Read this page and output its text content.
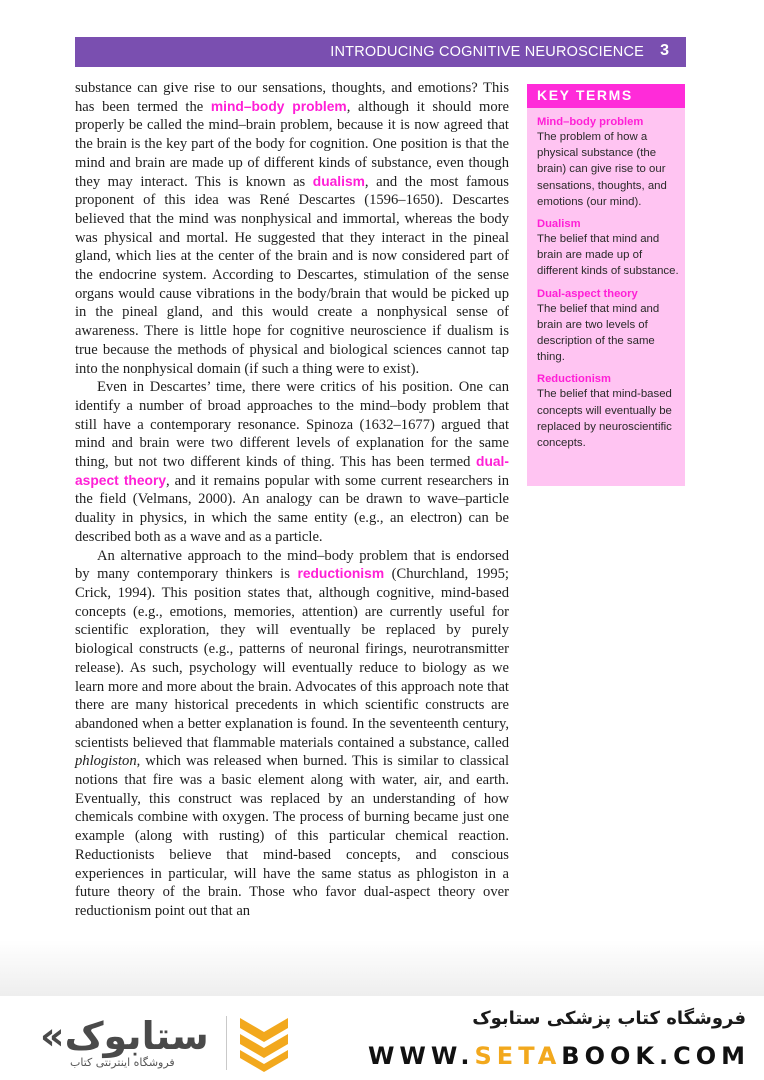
INTRODUCING COGNITIVE NEUROSCIENCE 3

substance can give rise to our sensations, thoughts, and emotions? This has been termed the mind–body problem, although it should more properly be called the mind–brain problem, because it is now agreed that the brain is the key part of the body for cognition. One position is that the mind and brain are made up of different kinds of substance, even though they may interact. This is known as dualism, and the most famous proponent of this idea was René Descartes (1596–1650). Descartes believed that the mind was nonphysical and immortal, whereas the body was physical and mortal. He suggested that they interact in the pineal gland, which lies at the center of the brain and is now considered part of the endocrine system. According to Descartes, stimulation of the sense organs would cause vibrations in the body/brain that would be picked up in the pineal gland, and this would create a nonphysical sense of awareness. There is little hope for cognitive neuroscience if dualism is true because the methods of physical and biological sciences cannot tap into the nonphysical domain (if such a thing were to exist).

Even in Descartes’ time, there were critics of his position. One can identify a number of broad approaches to the mind–body problem that still have a contemporary resonance. Spinoza (1632–1677) argued that mind and brain were two different levels of explanation for the same thing, but not two different kinds of thing. This has been termed dual-aspect theory, and it remains popular with some current researchers in the field (Velmans, 2000). An analogy can be drawn to wave–particle duality in physics, in which the same entity (e.g., an electron) can be described both as a wave and as a particle.

An alternative approach to the mind–body problem that is endorsed by many contemporary thinkers is reductionism (Churchland, 1995; Crick, 1994). This position states that, although cognitive, mind-based concepts (e.g., emotions, memories, attention) are currently useful for scientific exploration, they will eventually be replaced by purely biological constructs (e.g., patterns of neuronal firings, neurotransmitter release). As such, psychology will eventually reduce to biology as we learn more and more about the brain. Advocates of this approach note that there are many historical precedents in which scientific constructs are abandoned when a better explanation is found. In the seventeenth century, scientists believed that flammable materials contained a substance, called phlogiston, which was released when burned. This is similar to classical notions that fire was a basic element along with water, air, and earth. Eventually, this construct was replaced by an understanding of how chemicals combine with oxygen. The process of burning became just one example (along with rusting) of this particular chemical reaction. Reductionists believe that mind-based concepts, and conscious experiences in particular, will have the same status as phlogiston in a future theory of the brain. Those who favor dual-aspect theory over reductionism point out that an

KEY TERMS
Mind–body problem
The problem of how a physical substance (the brain) can give rise to our sensations, thoughts, and emotions (our mind).
Dualism
The belief that mind and brain are made up of different kinds of substance.
Dual-aspect theory
The belief that mind and brain are two levels of description of the same thing.
Reductionism
The belief that mind-based concepts will eventually be replaced by neuroscientific concepts.
«ستابوک
فروشگاه اینترنتی کتاب
فروشگاه کتاب پزشکی ستابوک
WWW.SETABOOK.COM
